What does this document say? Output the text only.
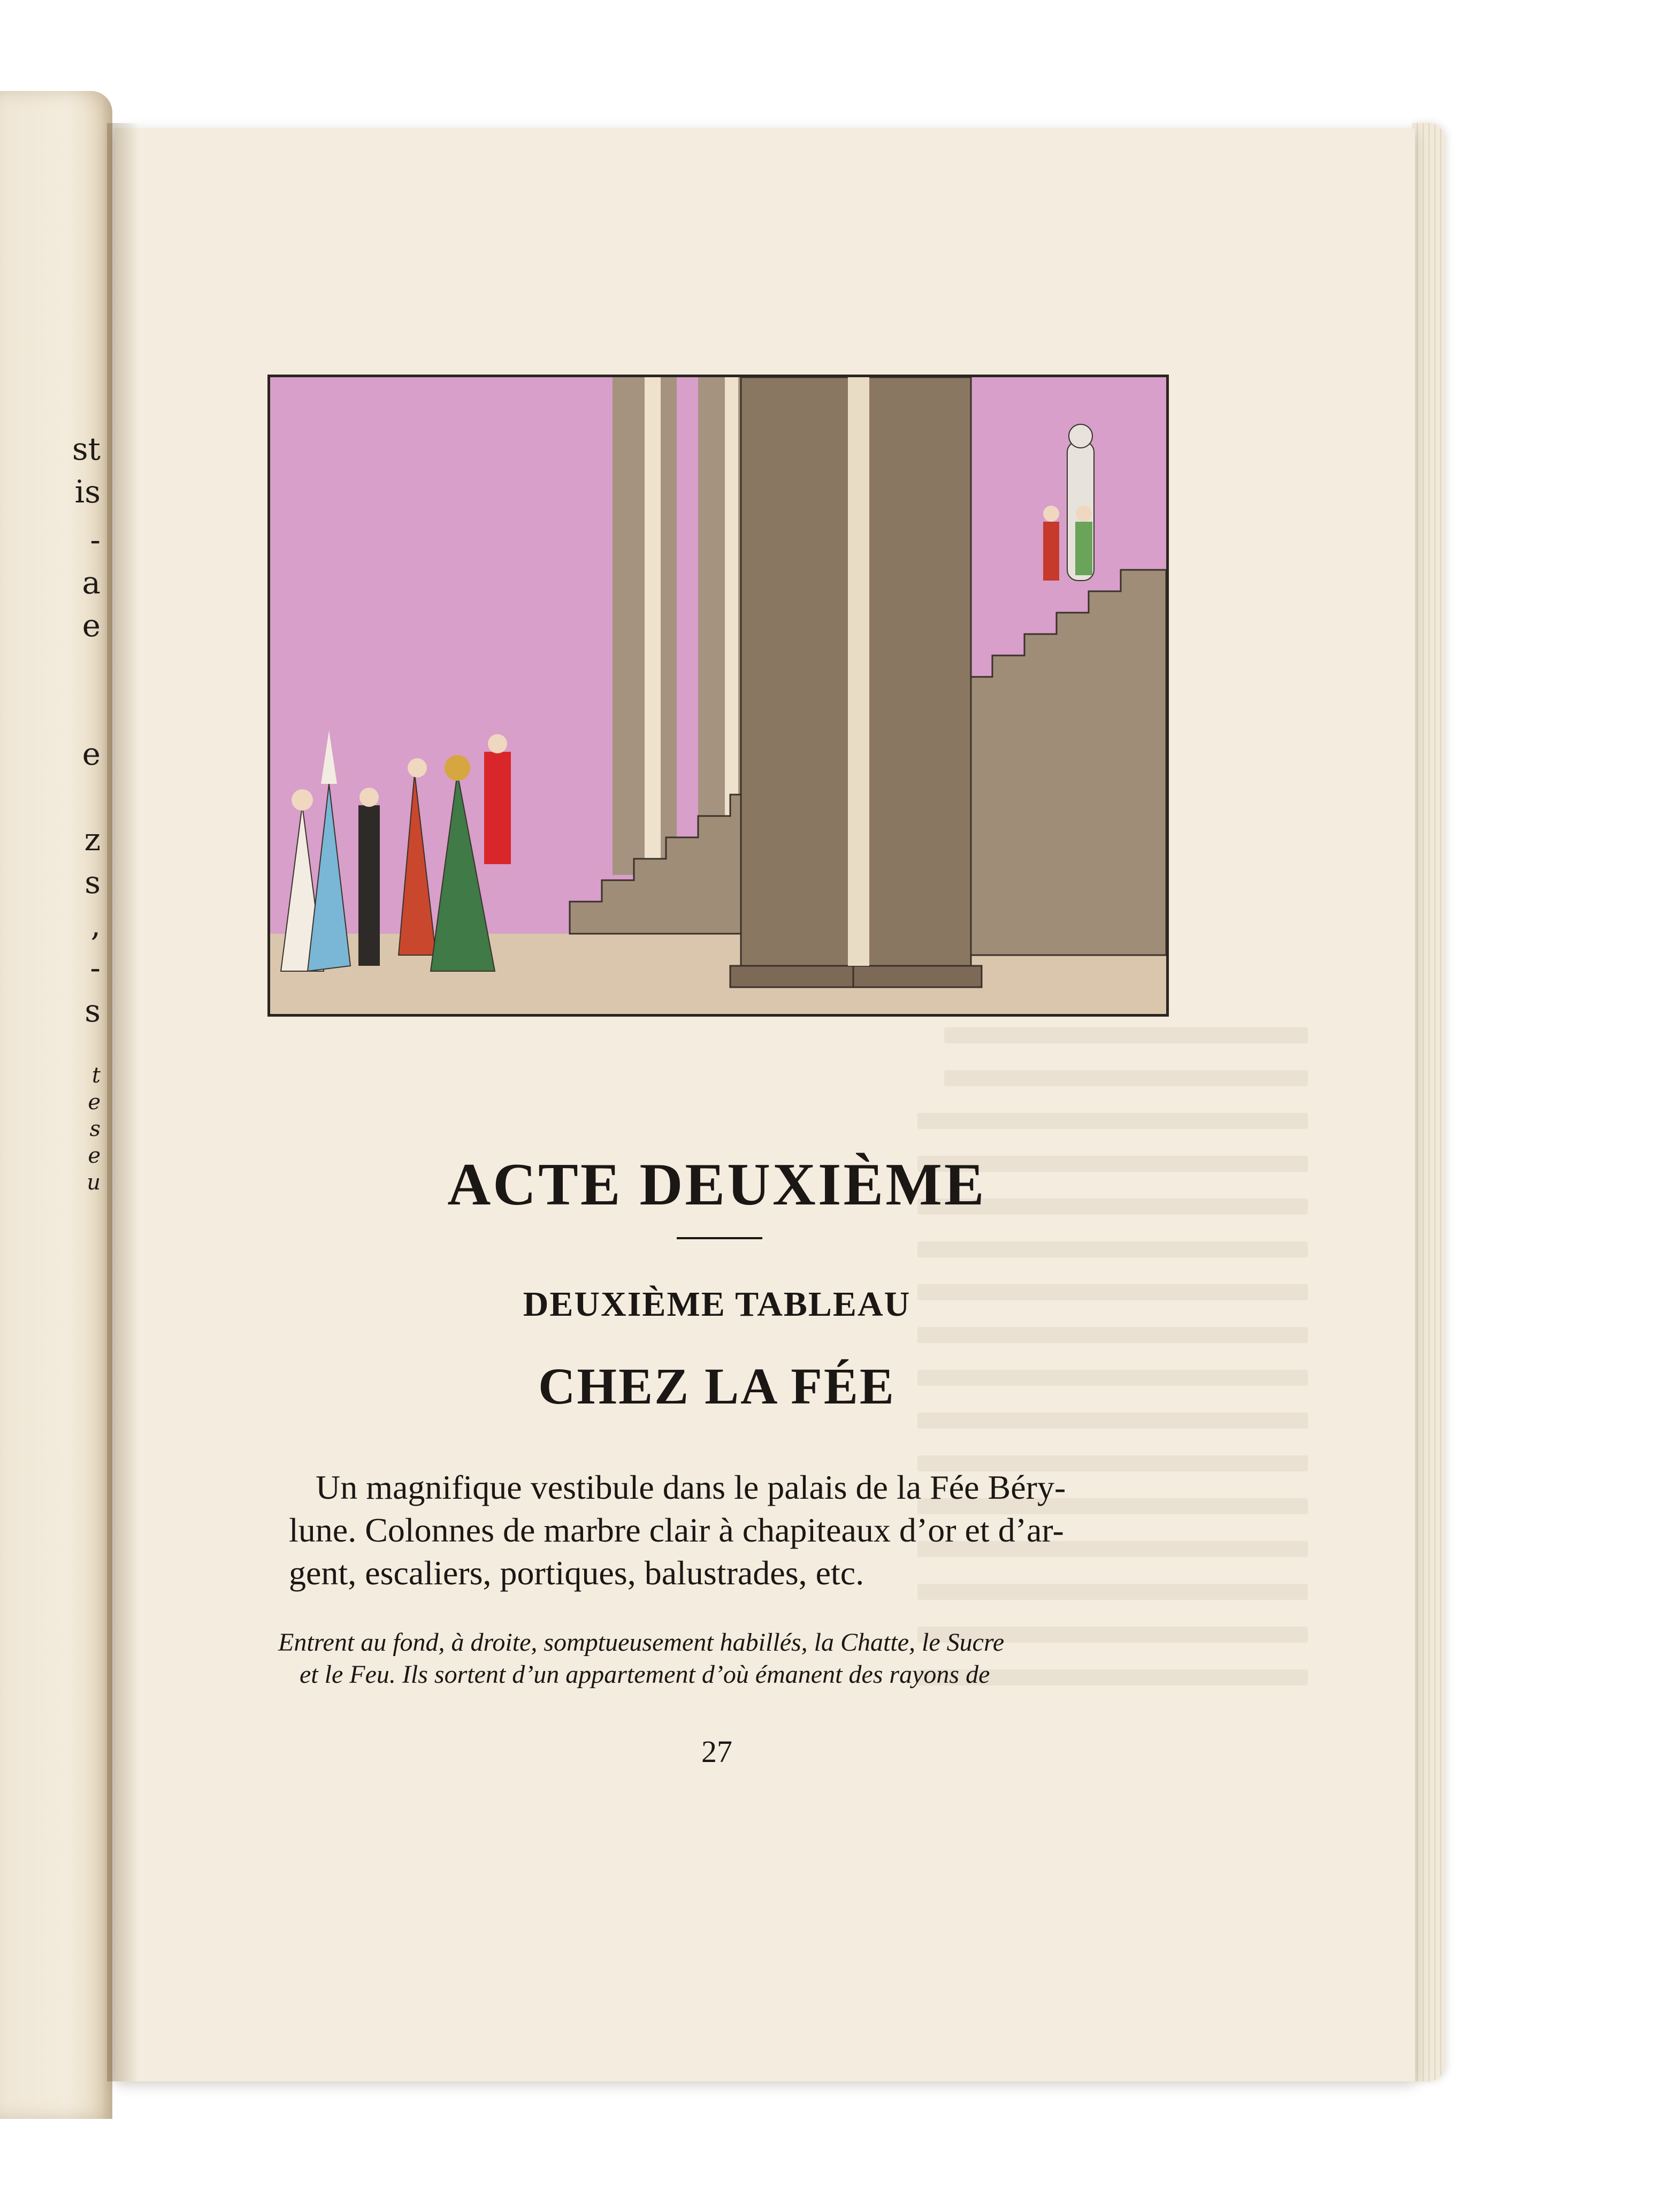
st
is
-
a
e
e
z
s
,
-
s
t
e
s
e
u	ACTE DEUXIÈME
DEUXIÈME TABLEAU
CHEZ LA FÉE

Un magnifique vestibule dans le palais de la Fée Béry-
lune. Colonnes de marbre clair à chapiteaux d’or et d’ar-
gent, escaliers, portiques, balustrades, etc.

Entrent au fond, à droite, somptueusement habillés, la Chatte, le Sucre
et le Feu. Ils sortent d’un appartement d’où émanent des rayons de

27
